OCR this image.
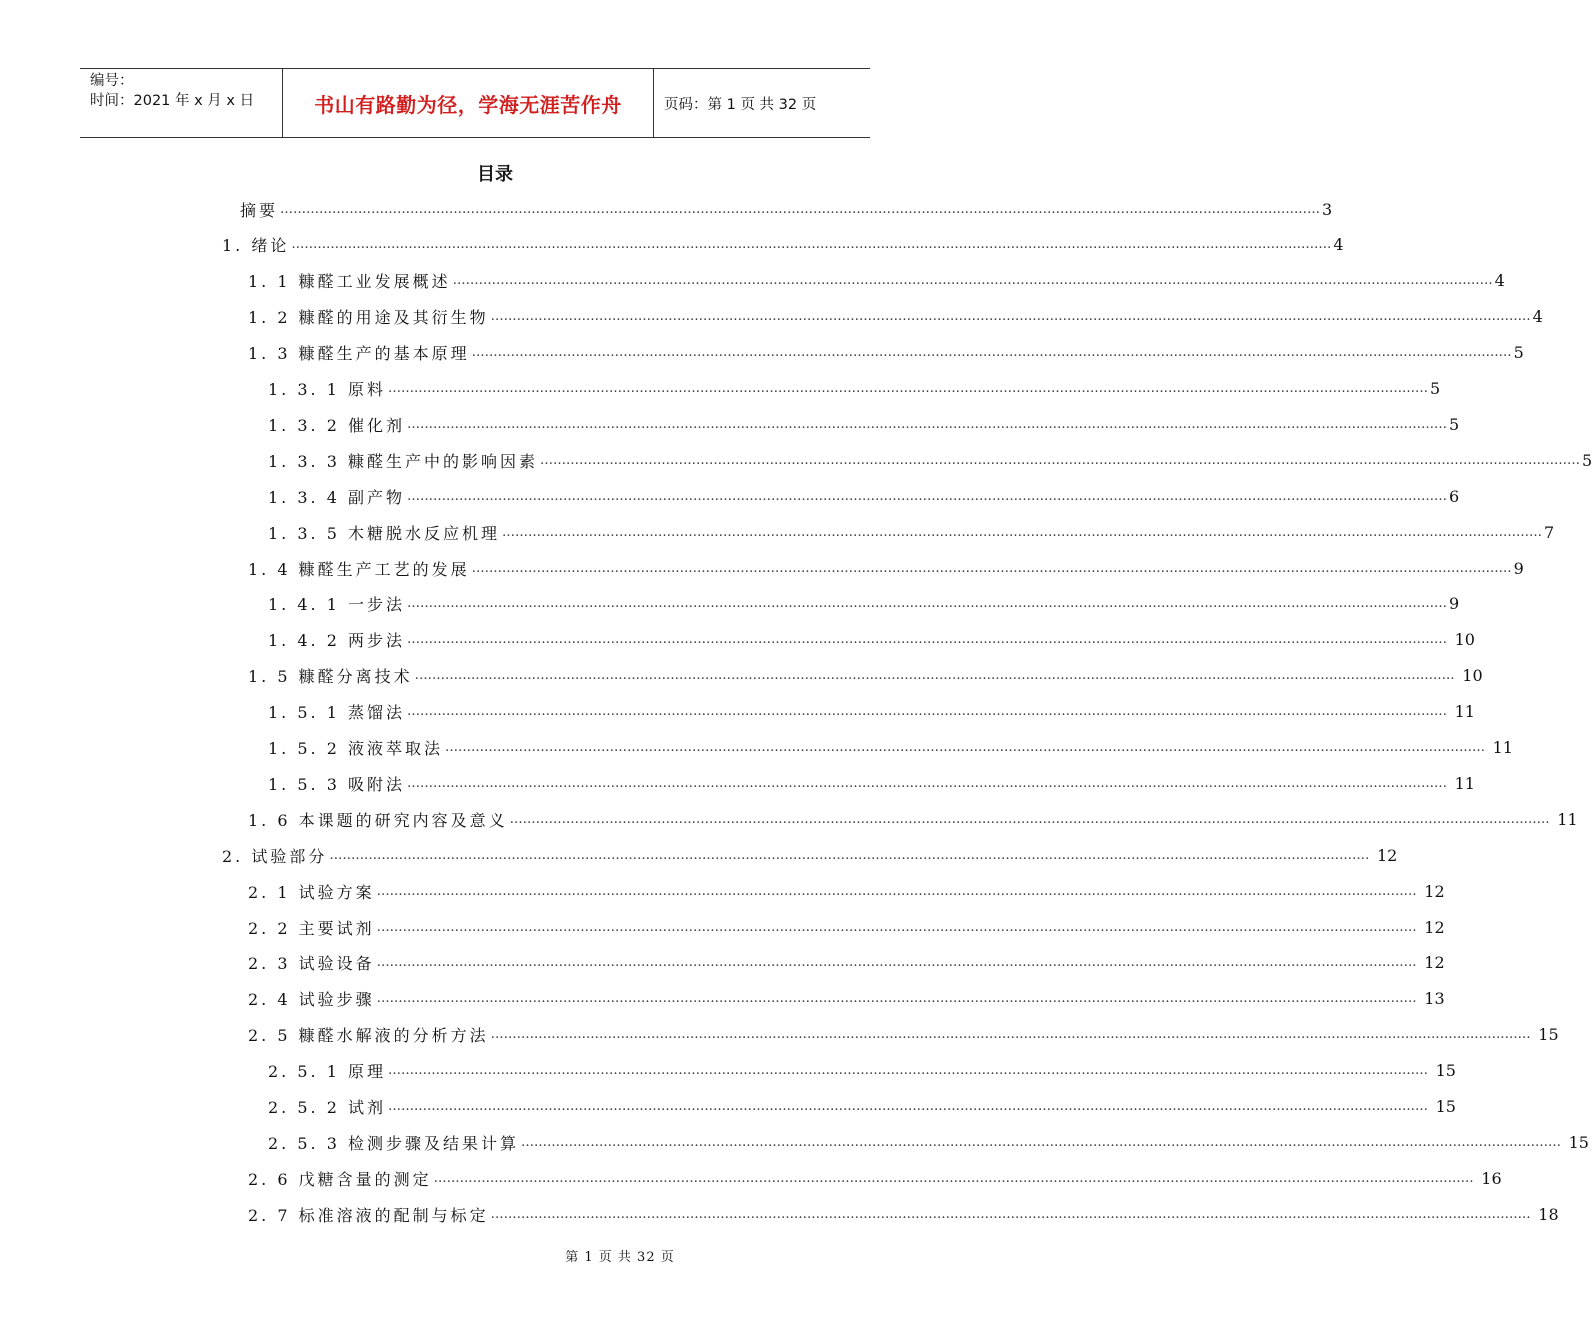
编号：
时间：2021 年 x 月 x 日	书山有路勤为径，学海无涯苦作舟	页码：第 1 页 共 32 页
目录
摘要 …………………………………………………………………………………………………………………………………………………………………………………………………………………… 3
1. 绪论 …………………………………………………………………………………………………………………………………………………………………………………………………………………… 4
1. 1 糠醛工业发展概述 …………………………………………………………………………………………………………………………………………………………………………………………………………………… 4
1. 2 糠醛的用途及其衍生物 …………………………………………………………………………………………………………………………………………………………………………………………………………………… 4
1. 3 糠醛生产的基本原理 …………………………………………………………………………………………………………………………………………………………………………………………………………………… 5
1. 3. 1 原料 …………………………………………………………………………………………………………………………………………………………………………………………………………………… 5
1. 3. 2 催化剂 …………………………………………………………………………………………………………………………………………………………………………………………………………………… 5
1. 3. 3 糠醛生产中的影响因素 …………………………………………………………………………………………………………………………………………………………………………………………………………………… 5
1. 3. 4 副产物 …………………………………………………………………………………………………………………………………………………………………………………………………………………… 6
1. 3. 5 木糖脱水反应机理 …………………………………………………………………………………………………………………………………………………………………………………………………………………… 7
1. 4 糠醛生产工艺的发展 …………………………………………………………………………………………………………………………………………………………………………………………………………………… 9
1. 4. 1 一步法 …………………………………………………………………………………………………………………………………………………………………………………………………………………… 9
1. 4. 2 两步法 …………………………………………………………………………………………………………………………………………………………………………………………………………………… 10
1. 5 糠醛分离技术 …………………………………………………………………………………………………………………………………………………………………………………………………………………… 10
1. 5. 1 蒸馏法 …………………………………………………………………………………………………………………………………………………………………………………………………………………… 11
1. 5. 2 液液萃取法 …………………………………………………………………………………………………………………………………………………………………………………………………………………… 11
1. 5. 3 吸附法 …………………………………………………………………………………………………………………………………………………………………………………………………………………… 11
1. 6 本课题的研究内容及意义 …………………………………………………………………………………………………………………………………………………………………………………………………………………… 11
2. 试验部分 …………………………………………………………………………………………………………………………………………………………………………………………………………………… 12
2. 1 试验方案 …………………………………………………………………………………………………………………………………………………………………………………………………………………… 12
2. 2 主要试剂 …………………………………………………………………………………………………………………………………………………………………………………………………………………… 12
2. 3 试验设备 …………………………………………………………………………………………………………………………………………………………………………………………………………………… 12
2. 4 试验步骤 …………………………………………………………………………………………………………………………………………………………………………………………………………………… 13
2. 5 糠醛水解液的分析方法 …………………………………………………………………………………………………………………………………………………………………………………………………………………… 15
2. 5. 1 原理 …………………………………………………………………………………………………………………………………………………………………………………………………………………… 15
2. 5. 2 试剂 …………………………………………………………………………………………………………………………………………………………………………………………………………………… 15
2. 5. 3 检测步骤及结果计算 …………………………………………………………………………………………………………………………………………………………………………………………………………………… 15
2. 6 戊糖含量的测定 …………………………………………………………………………………………………………………………………………………………………………………………………………………… 16
2. 7 标准溶液的配制与标定 …………………………………………………………………………………………………………………………………………………………………………………………………………………… 18
第 1 页 共 32 页
